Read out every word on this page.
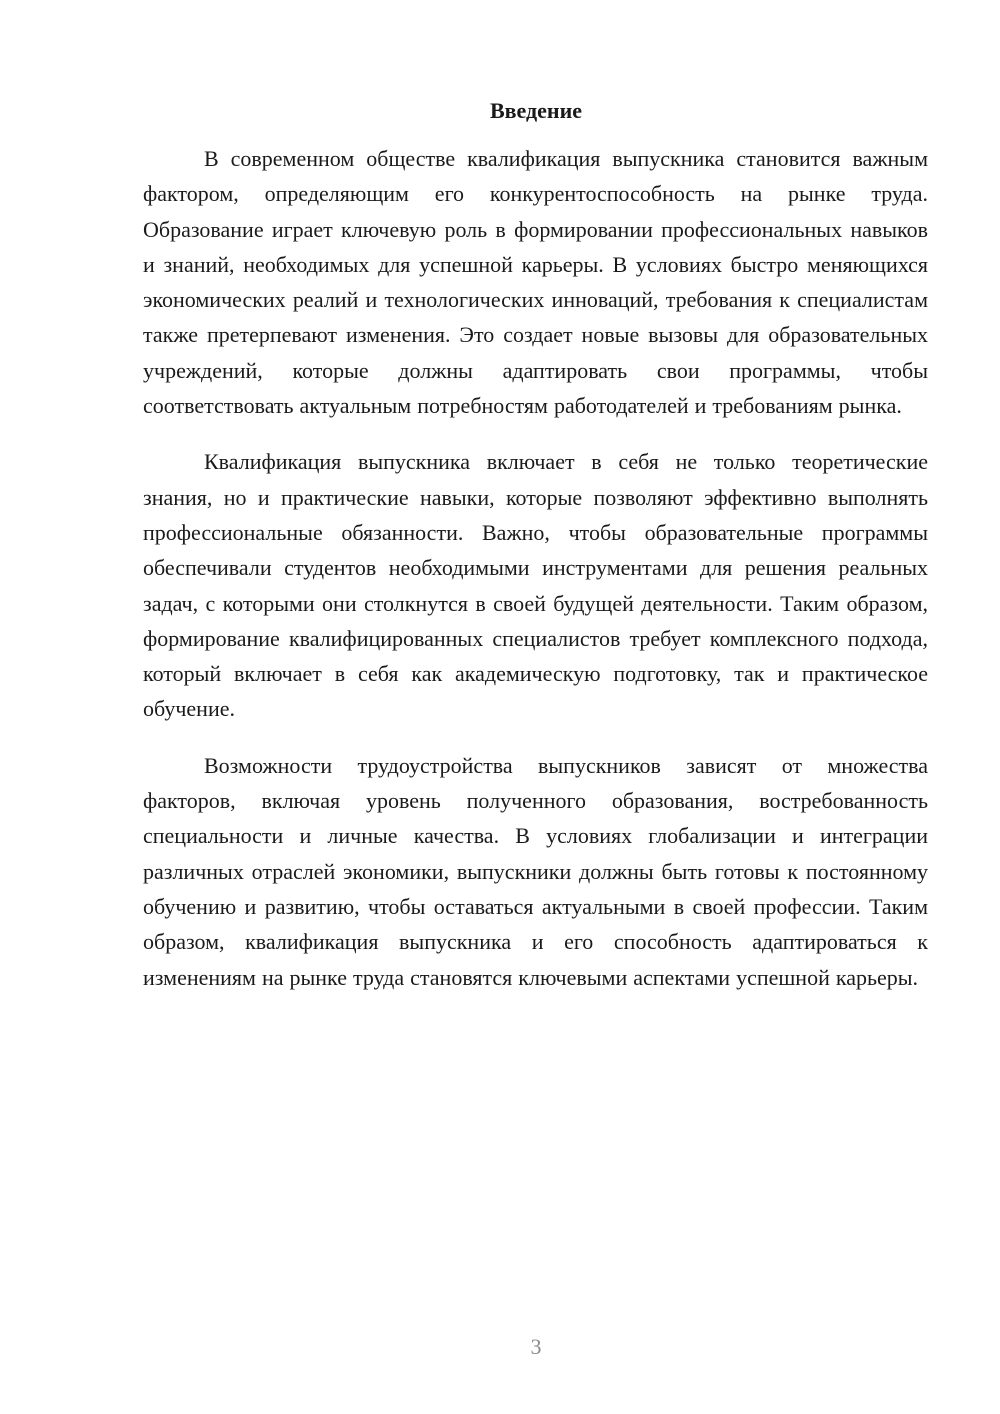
Введение

В современном обществе квалификация выпускника становится важным фактором, определяющим его конкурентоспособность на рынке труда. Образование играет ключевую роль в формировании профессиональных навыков и знаний, необходимых для успешной карьеры. В условиях быстро меняющихся экономических реалий и технологических инноваций, требования к специалистам также претерпевают изменения. Это создает новые вызовы для образовательных учреждений, которые должны адаптировать свои программы, чтобы соответствовать актуальным потребностям работодателей и требованиям рынка.

Квалификация выпускника включает в себя не только теоретические знания, но и практические навыки, которые позволяют эффективно выполнять профессиональные обязанности. Важно, чтобы образовательные программы обеспечивали студентов необходимыми инструментами для решения реальных задач, с которыми они столкнутся в своей будущей деятельности. Таким образом, формирование квалифицированных специалистов требует комплексного подхода, который включает в себя как академическую подготовку, так и практическое обучение.

Возможности трудоустройства выпускников зависят от множества факторов, включая уровень полученного образования, востребованность специальности и личные качества. В условиях глобализации и интеграции различных отраслей экономики, выпускники должны быть готовы к постоянному обучению и развитию, чтобы оставаться актуальными в своей профессии. Таким образом, квалификация выпускника и его способность адаптироваться к изменениям на рынке труда становятся ключевыми аспектами успешной карьеры.

3
